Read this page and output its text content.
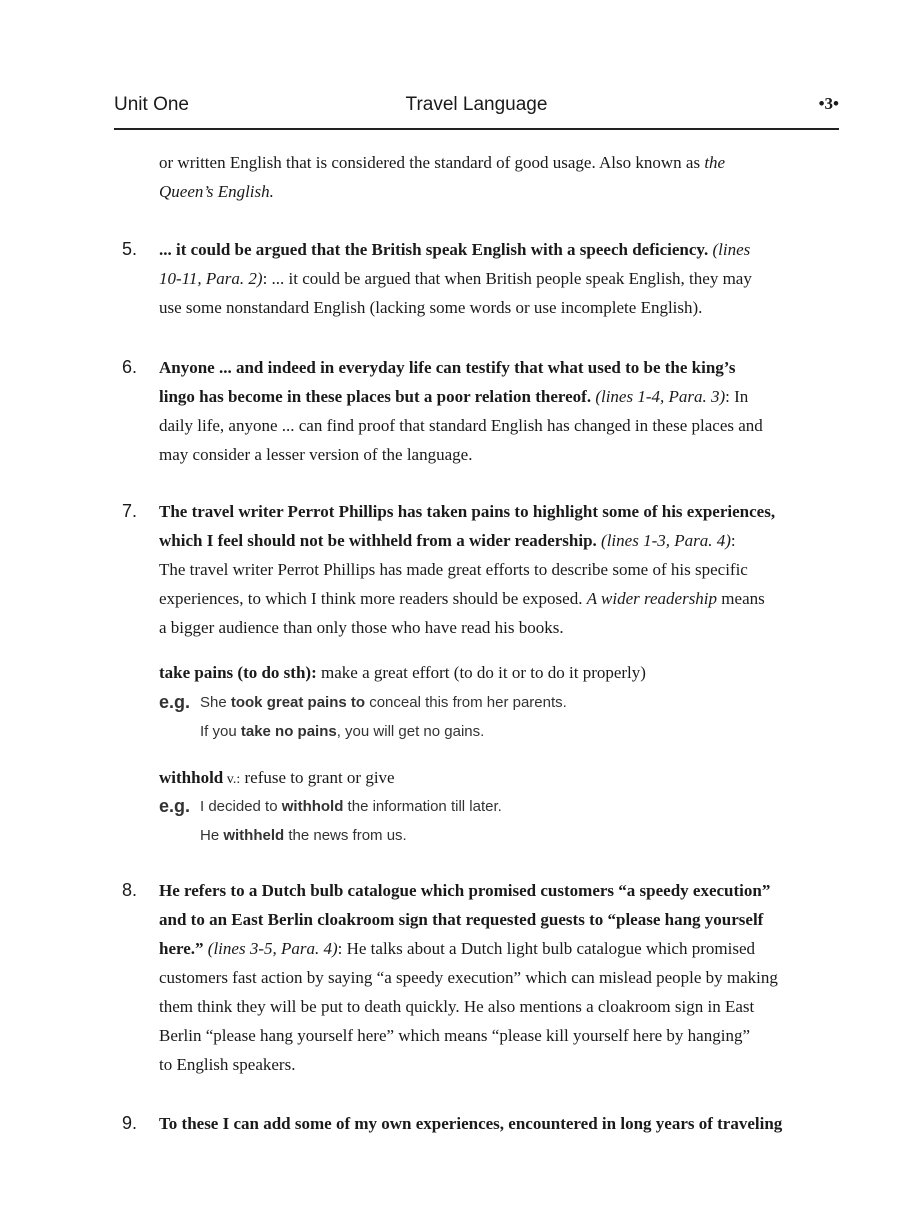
Unit One	Travel Language	•3•
or written English that is considered the standard of good usage. Also known as the
Queen’s English.
5. ... it could be argued that the British speak English with a speech deficiency. (lines
10-11, Para. 2): ... it could be argued that when British people speak English, they may
use some nonstandard English (lacking some words or use incomplete English).
6. Anyone ... and indeed in everyday life can testify that what used to be the king’s
lingo has become in these places but a poor relation thereof. (lines 1-4, Para. 3): In
daily life, anyone ... can find proof that standard English has changed in these places and
may consider a lesser version of the language.
7. The travel writer Perrot Phillips has taken pains to highlight some of his experiences,
which I feel should not be withheld from a wider readership. (lines 1-3, Para. 4):
The travel writer Perrot Phillips has made great efforts to describe some of his specific
experiences, to which I think more readers should be exposed. A wider readership means
a bigger audience than only those who have read his books.
take pains (to do sth): make a great effort (to do it or to do it properly)
e.g. She took great pains to conceal this from her parents.
If you take no pains, you will get no gains.
withhold v.: refuse to grant or give
e.g. I decided to withhold the information till later.
He withheld the news from us.
8. He refers to a Dutch bulb catalogue which promised customers “a speedy execution”
and to an East Berlin cloakroom sign that requested guests to “please hang yourself
here.” (lines 3-5, Para. 4): He talks about a Dutch light bulb catalogue which promised
customers fast action by saying “a speedy execution” which can mislead people by making
them think they will be put to death quickly. He also mentions a cloakroom sign in East
Berlin “please hang yourself here” which means “please kill yourself here by hanging”
to English speakers.
9. To these I can add some of my own experiences, encountered in long years of traveling
